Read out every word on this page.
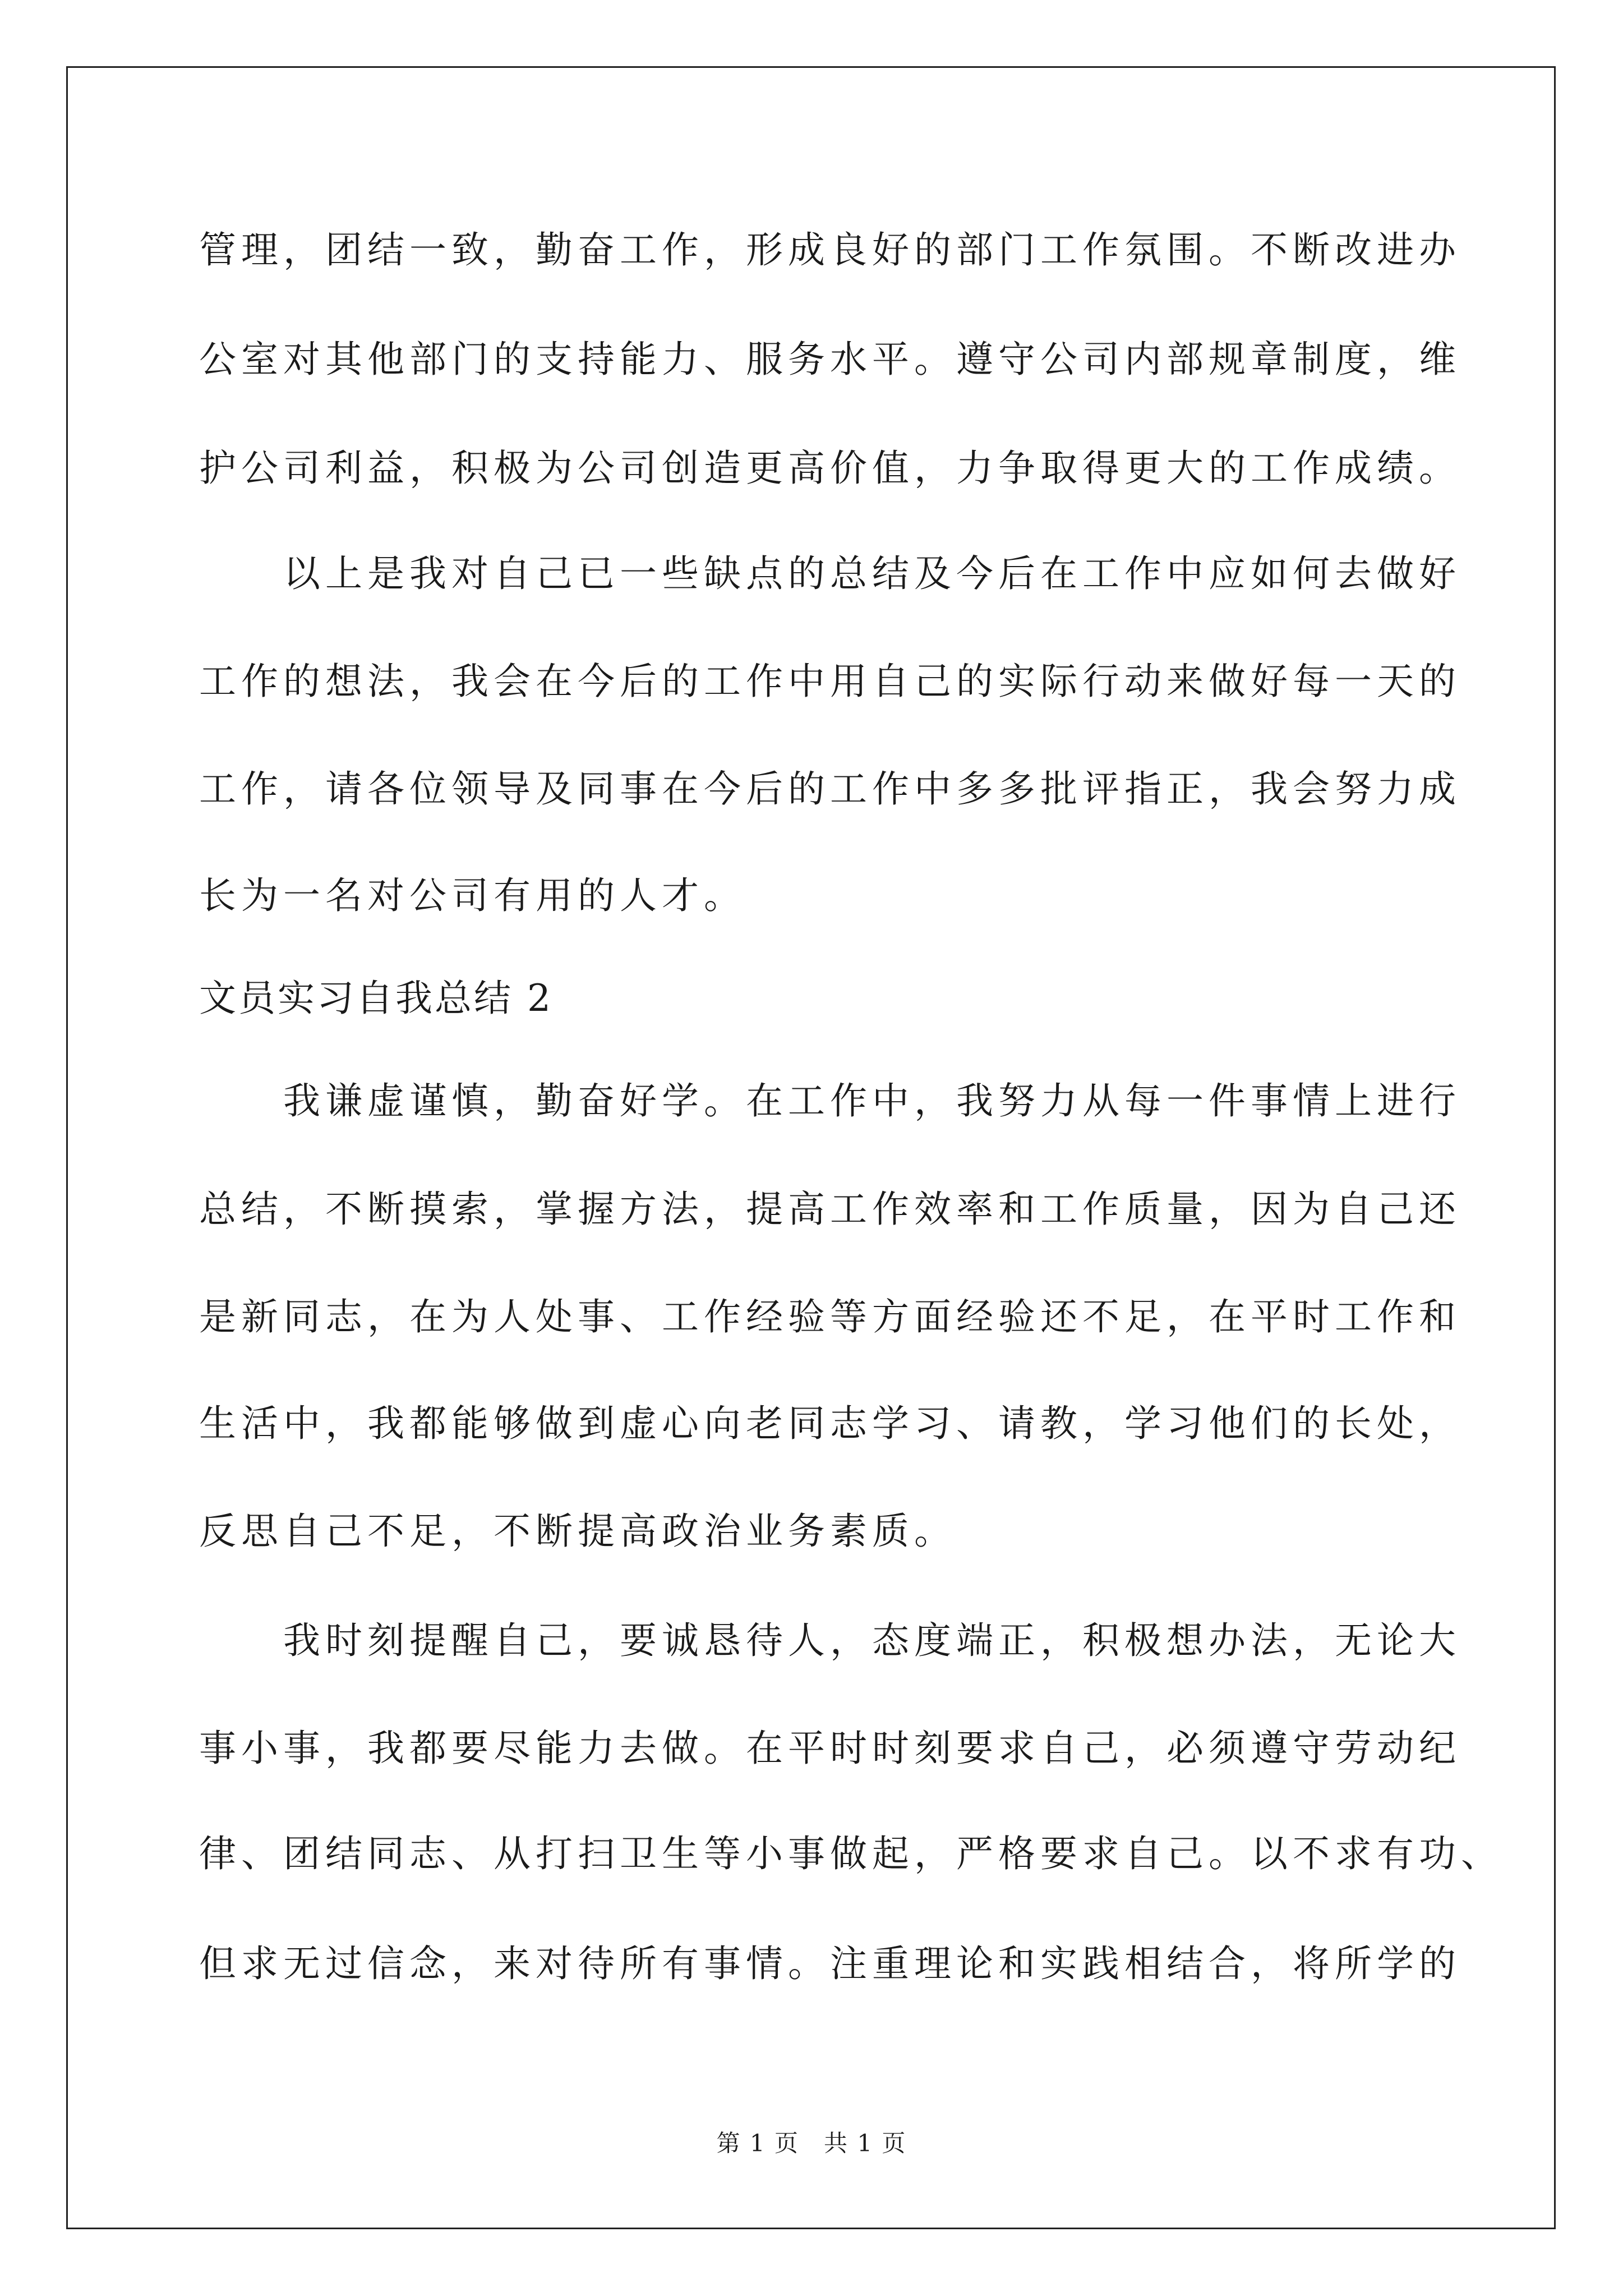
管理，团结一致，勤奋工作，形成良好的部门工作氛围。不断改进办
公室对其他部门的支持能力、服务水平。遵守公司内部规章制度，维
护公司利益，积极为公司创造更高价值，力争取得更大的工作成绩。
　　以上是我对自己已一些缺点的总结及今后在工作中应如何去做好
工作的想法，我会在今后的工作中用自己的实际行动来做好每一天的
工作，请各位领导及同事在今后的工作中多多批评指正，我会努力成
长为一名对公司有用的人才。
文员实习自我总结 2
　　我谦虚谨慎，勤奋好学。在工作中，我努力从每一件事情上进行
总结，不断摸索，掌握方法，提高工作效率和工作质量，因为自己还
是新同志，在为人处事、工作经验等方面经验还不足，在平时工作和
生活中，我都能够做到虚心向老同志学习、请教，学习他们的长处，
反思自己不足，不断提高政治业务素质。
　　我时刻提醒自己，要诚恳待人，态度端正，积极想办法，无论大
事小事，我都要尽能力去做。在平时时刻要求自己，必须遵守劳动纪
律、团结同志、从打扫卫生等小事做起，严格要求自己。以不求有功、
但求无过信念，来对待所有事情。注重理论和实践相结合，将所学的
第 1 页　共 1 页
